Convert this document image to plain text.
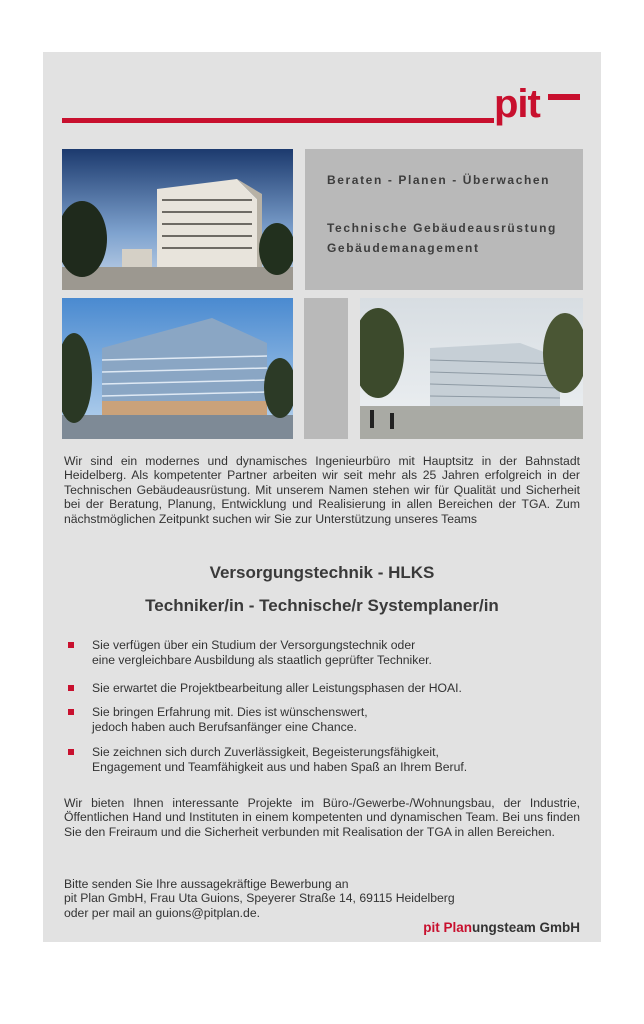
pit
Beraten - Planen - Überwachen
Technische Gebäudeausrüstung
Gebäudemanagement
Wir sind ein modernes und dynamisches Ingenieurbüro mit Hauptsitz in der Bahnstadt Heidelberg. Als kompetenter Partner arbeiten wir seit mehr als 25 Jahren erfolgreich in der Technischen Gebäudeausrüstung. Mit unserem Namen stehen wir für Qualität und Sicherheit bei der Beratung, Planung, Entwicklung und Realisierung in allen Bereichen der TGA. Zum nächstmöglichen Zeitpunkt suchen wir Sie zur Unterstützung unseres Teams
Versorgungstechnik - HLKS
Techniker/in - Technische/r Systemplaner/in
Sie verfügen über ein Studium der Versorgungstechnik oder
eine vergleichbare Ausbildung als staatlich geprüfter Techniker.
Sie erwartet die Projektbearbeitung aller Leistungsphasen der HOAI.
Sie bringen Erfahrung mit. Dies ist wünschenswert,
jedoch haben auch Berufsanfänger eine Chance.
Sie zeichnen sich durch Zuverlässigkeit, Begeisterungsfähigkeit,
Engagement und Teamfähigkeit aus und haben Spaß an Ihrem Beruf.
Wir bieten Ihnen interessante Projekte im Büro-/Gewerbe-/Wohnungsbau, der Industrie, Öffentlichen Hand und Instituten in einem kompetenten und dynamischen Team. Bei uns finden Sie den Freiraum und die Sicherheit verbunden mit Realisation der TGA in allen Bereichen.
Bitte senden Sie Ihre aussagekräftige Bewerbung an
pit Plan GmbH, Frau Uta Guions, Speyerer Straße 14, 69115 Heidelberg
oder per mail an guions@pitplan.de.
pit Planungsteam GmbH
